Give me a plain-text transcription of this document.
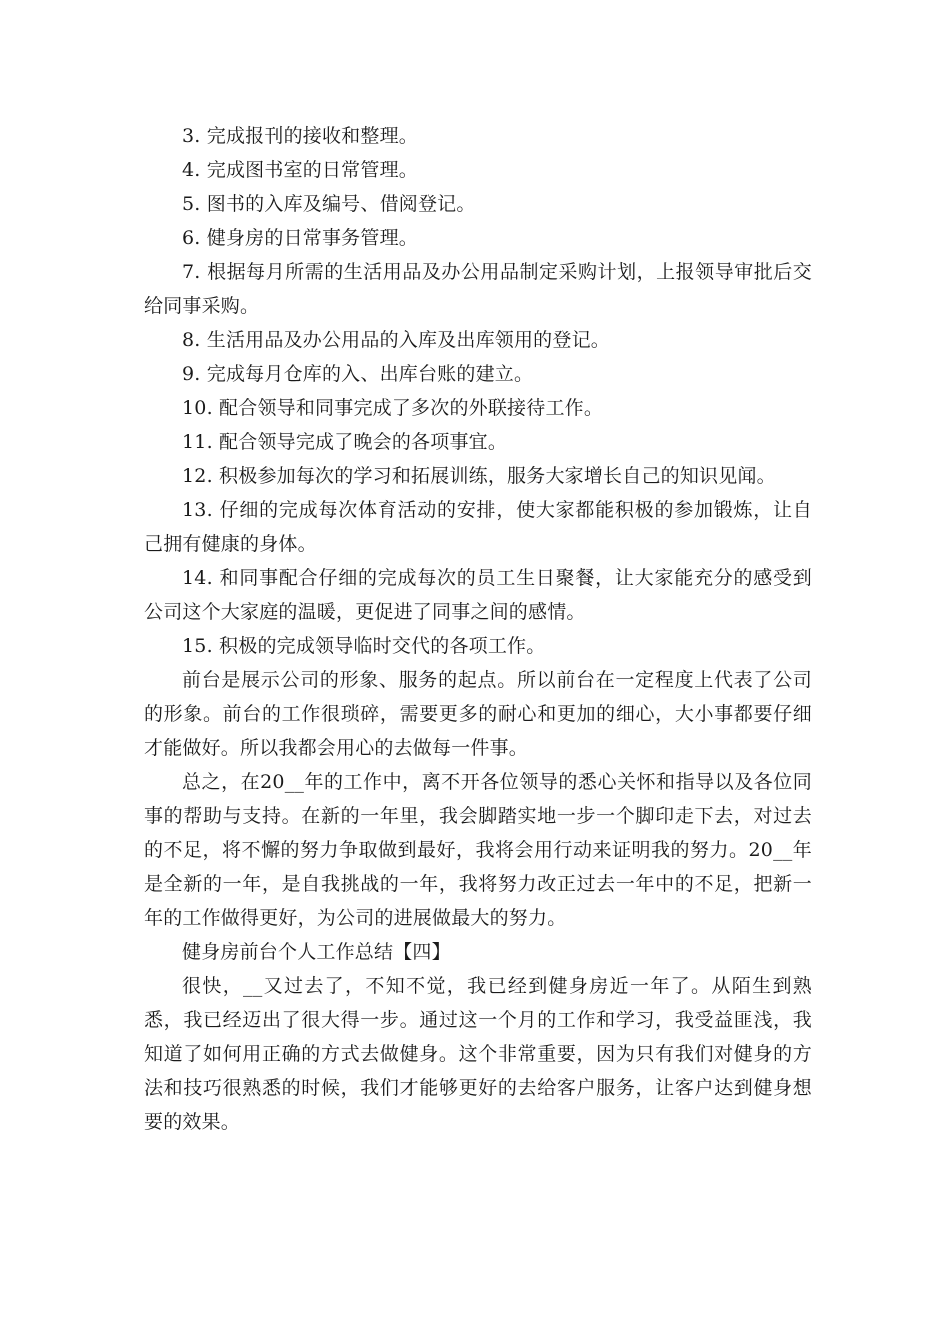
3. 完成报刊的接收和整理。

4. 完成图书室的日常管理。

5. 图书的入库及编号、借阅登记。

6. 健身房的日常事务管理。

7. 根据每月所需的生活用品及办公用品制定采购计划，上报领导审批后交给同事采购。

8. 生活用品及办公用品的入库及出库领用的登记。

9. 完成每月仓库的入、出库台账的建立。

10. 配合领导和同事完成了多次的外联接待工作。

11. 配合领导完成了晚会的各项事宜。

12. 积极参加每次的学习和拓展训练，服务大家增长自己的知识见闻。

13. 仔细的完成每次体育活动的安排，使大家都能积极的参加锻炼，让自己拥有健康的身体。

14. 和同事配合仔细的完成每次的员工生日聚餐，让大家能充分的感受到公司这个大家庭的温暖，更促进了同事之间的感情。

15. 积极的完成领导临时交代的各项工作。

前台是展示公司的形象、服务的起点。所以前台在一定程度上代表了公司的形象。前台的工作很琐碎，需要更多的耐心和更加的细心，大小事都要仔细才能做好。所以我都会用心的去做每一件事。

总之，在20__年的工作中，离不开各位领导的悉心关怀和指导以及各位同事的帮助与支持。在新的一年里，我会脚踏实地一步一个脚印走下去，对过去的不足，将不懈的努力争取做到最好，我将会用行动来证明我的努力。20__年是全新的一年，是自我挑战的一年，我将努力改正过去一年中的不足，把新一年的工作做得更好，为公司的进展做最大的努力。

健身房前台个人工作总结【四】

很快，__又过去了，不知不觉，我已经到健身房近一年了。从陌生到熟悉，我已经迈出了很大得一步。通过这一个月的工作和学习，我受益匪浅，我知道了如何用正确的方式去做健身。这个非常重要，因为只有我们对健身的方法和技巧很熟悉的时候，我们才能够更好的去给客户服务，让客户达到健身想要的效果。
